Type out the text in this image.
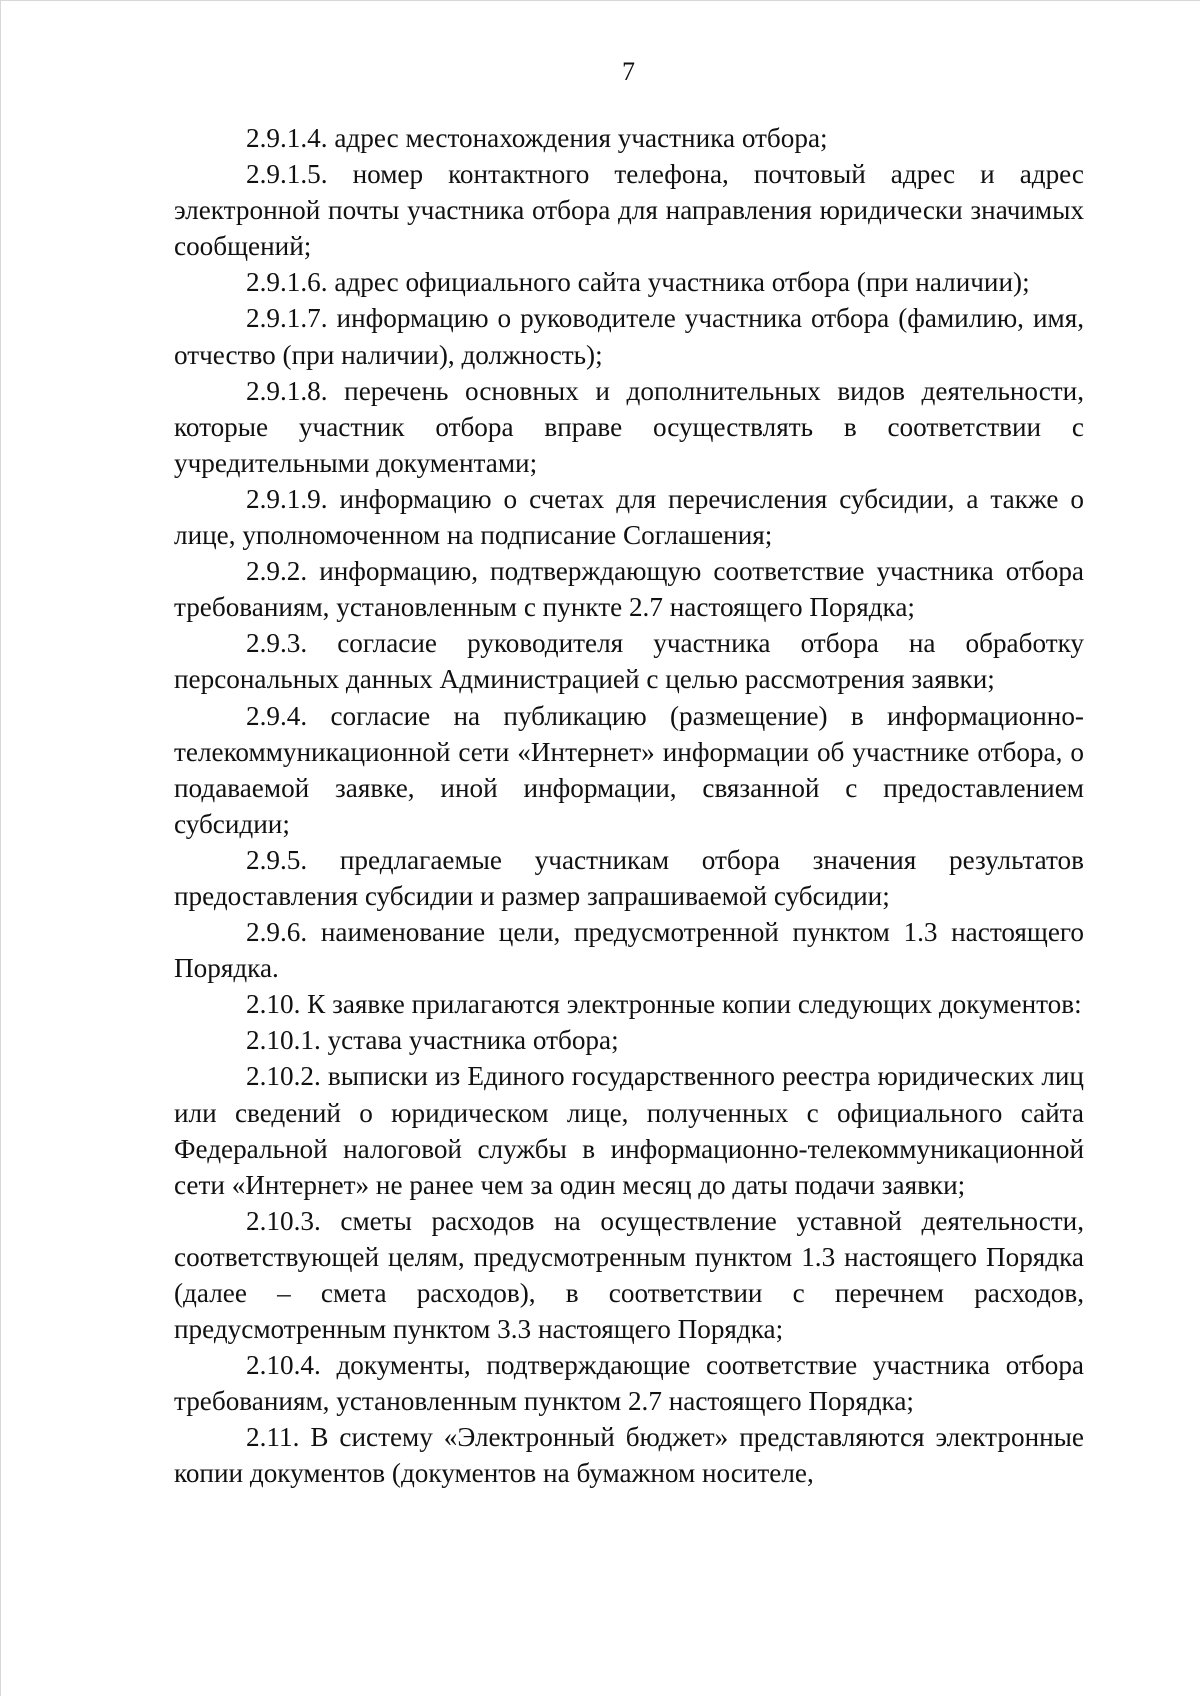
7

2.9.1.4. адрес местонахождения участника отбора;

2.9.1.5. номер контактного телефона, почтовый адрес и адрес электронной почты участника отбора для направления юридически значимых сообщений;

2.9.1.6. адрес официального сайта участника отбора (при наличии);

2.9.1.7. информацию о руководителе участника отбора (фамилию, имя, отчество (при наличии), должность);

2.9.1.8. перечень основных и дополнительных видов деятельности, которые участник отбора вправе осуществлять в соответствии с учредительными документами;

2.9.1.9. информацию о счетах для перечисления субсидии, а также о лице, уполномоченном на подписание Соглашения;

2.9.2. информацию, подтверждающую соответствие участника отбора требованиям, установленным с пункте 2.7 настоящего Порядка;

2.9.3. согласие руководителя участника отбора на обработку персональных данных Администрацией с целью рассмотрения заявки;

2.9.4. согласие на публикацию (размещение) в информационно-телекоммуникационной сети «Интернет» информации об участнике отбора, о подаваемой заявке, иной информации, связанной с предоставлением субсидии;

2.9.5. предлагаемые участникам отбора значения результатов предоставления субсидии и размер запрашиваемой субсидии;

2.9.6. наименование цели, предусмотренной пунктом 1.3 настоящего Порядка.

2.10. К заявке прилагаются электронные копии следующих документов:

2.10.1. устава участника отбора;

2.10.2. выписки из Единого государственного реестра юридических лиц или сведений о юридическом лице, полученных с официального сайта Федеральной налоговой службы в информационно-телекоммуникационной сети «Интернет» не ранее чем за один месяц до даты подачи заявки;

2.10.3. сметы расходов на осуществление уставной деятельности, соответствующей целям, предусмотренным пунктом 1.3 настоящего Порядка (далее – смета расходов), в соответствии с перечнем расходов, предусмотренным пунктом 3.3 настоящего Порядка;

2.10.4. документы, подтверждающие соответствие участника отбора требованиям, установленным пунктом 2.7 настоящего Порядка;

2.11. В систему «Электронный бюджет» представляются электронные копии документов (документов на бумажном носителе,
